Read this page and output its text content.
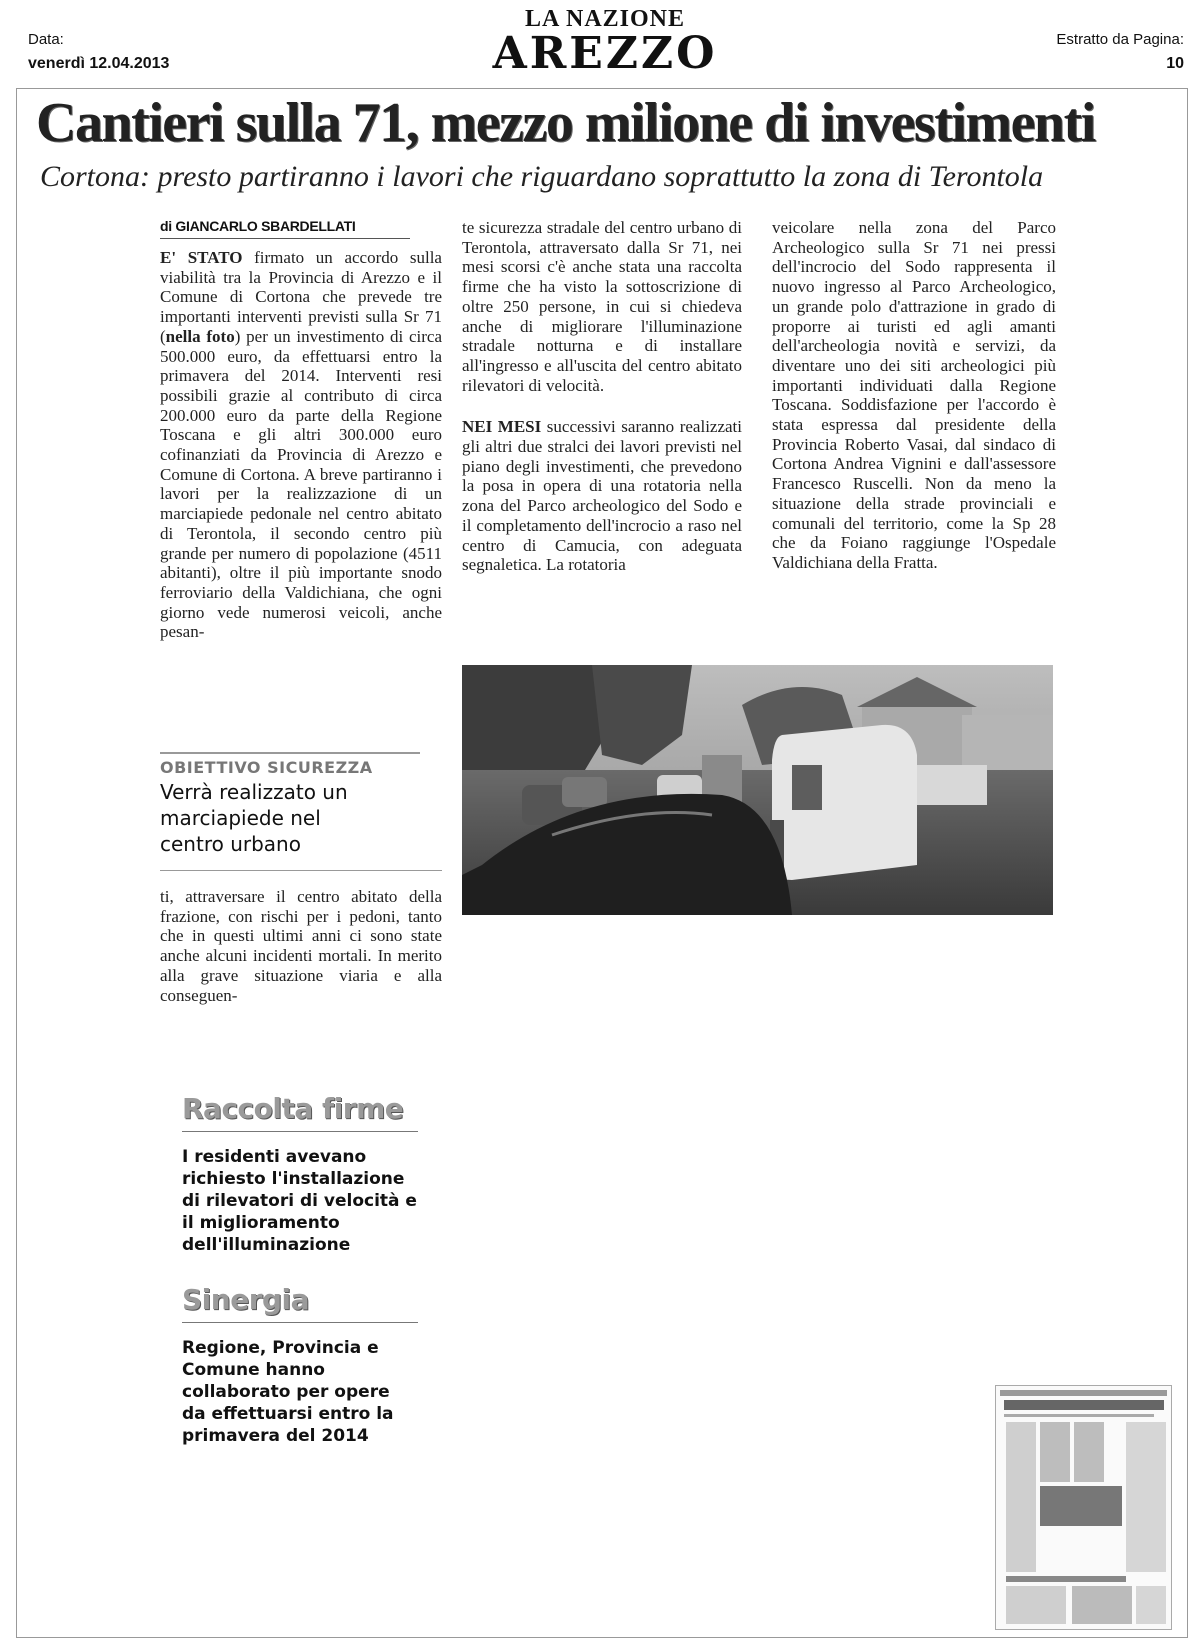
Data:
venerdì 12.04.2013
LA NAZIONE
AREZZO	Estratto da Pagina:
10
Cantieri sulla 71, mezzo milione di investimenti
Cortona: presto partiranno i lavori che riguardano soprattutto la zona di Terontola
di GIANCARLO SBARDELLATI

E' STATO firmato un accordo sulla viabilità tra la Provincia di Arezzo e il Comune di Cortona che prevede tre importanti interventi previsti sulla Sr 71 (nella foto) per un investimento di circa 500.000 euro, da effettuarsi entro la primavera del 2014. Interventi resi possibili grazie al contributo di circa 200.000 euro da parte della Regione Toscana e gli altri 300.000 euro cofinanziati da Provincia di Arezzo e Comune di Cortona. A breve partiranno i lavori per la realizzazione di un marciapiede pedonale nel centro abitato di Terontola, il secondo centro più grande per numero di popolazione (4511 abitanti), oltre il più importante snodo ferroviario della Valdichiana, che ogni giorno vede numerosi veicoli, anche pesan-

OBIETTIVO SICUREZZA
Verrà realizzato un marciapiede nel centro urbano

ti, attraversare il centro abitato della frazione, con rischi per i pedoni, tanto che in questi ultimi anni ci sono state anche alcuni incidenti mortali. In merito alla grave situazione viaria e alla conseguen-

te sicurezza stradale del centro urbano di Terontola, attraversato dalla Sr 71, nei mesi scorsi c'è anche stata una raccolta firme che ha visto la sottoscrizione di oltre 250 persone, in cui si chiedeva anche di migliorare l'illuminazione stradale notturna e di installare all'ingresso e all'uscita del centro abitato rilevatori di velocità.

NEI MESI successivi saranno realizzati gli altri due stralci dei lavori previsti nel piano degli investimenti, che prevedono la posa in opera di una rotatoria nella zona del Parco archeologico del Sodo e il completamento dell'incrocio a raso nel centro di Camucia, con adeguata segnaletica. La rotatoria

veicolare nella zona del Parco Archeologico sulla Sr 71 nei pressi dell'incrocio del Sodo rappresenta il nuovo ingresso al Parco Archeologico, un grande polo d'attrazione in grado di proporre ai turisti ed agli amanti dell'archeologia novità e servizi, da diventare uno dei siti archeologici più importanti individuati dalla Regione Toscana. Soddisfazione per l'accordo è stata espressa dal presidente della Provincia Roberto Vasai, dal sindaco di Cortona Andrea Vignini e dall'assessore Francesco Ruscelli. Non da meno la situazione della strade provinciali e comunali del territorio, come la Sp 28 che da Foiano raggiunge l'Ospedale Valdichiana della Fratta.

Raccolta firme
I residenti avevano richiesto l'installazione di rilevatori di velocità e il miglioramento dell'illuminazione
Sinergia
Regione, Provincia e Comune hanno collaborato per opere da effettuarsi entro la primavera del 2014
